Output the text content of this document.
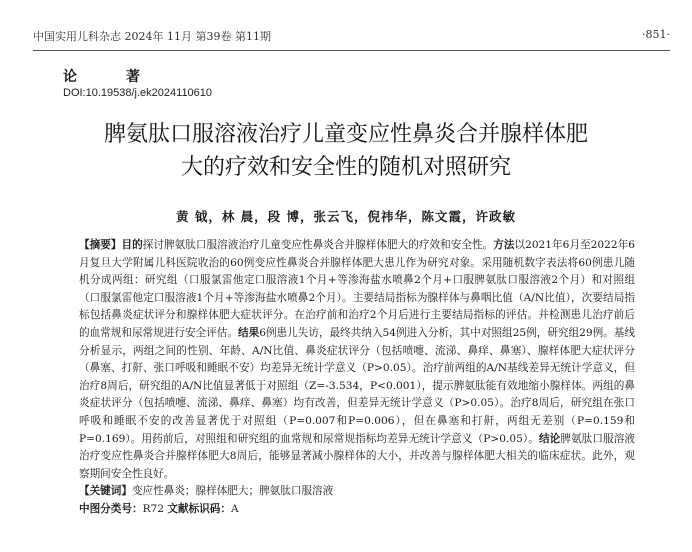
中国实用儿科杂志 2024年 11月 第39卷 第11期	·851·
论 著
DOI:10.19538/j.ek2024110610
脾氨肽口服溶液治疗儿童变应性鼻炎合并腺样体肥
大的疗效和安全性的随机对照研究
黄 钺，林 晨，段 博，张云飞，倪祎华，陈文霞，许政敏
【摘要】目的探讨脾氨肽口服溶液治疗儿童变应性鼻炎合并腺样体肥大的疗效和安全性。方法以2021年6月至2022年6月复旦大学附属儿科医院收治的60例变应性鼻炎合并腺样体肥大患儿作为研究对象。采用随机数字表法将60例患儿随机分成两组：研究组（口服氯雷他定口服溶液1个月+等渗海盐水喷鼻2个月+口服脾氨肽口服溶液2个月）和对照组（口服氯雷他定口服溶液1个月+等渗海盐水喷鼻2个月）。主要结局指标为腺样体与鼻咽比值（A/N比值），次要结局指标包括鼻炎症状评分和腺样体肥大症状评分。在治疗前和治疗2个月后进行主要结局指标的评估。并检测患儿治疗前后的血常规和尿常规进行安全评估。结果6例患儿失访，最终共纳入54例进入分析，其中对照组25例，研究组29例。基线分析显示，两组之间的性别、年龄、A/N比值、鼻炎症状评分（包括喷嚏、流涕、鼻痒、鼻塞）、腺样体肥大症状评分（鼻塞、打鼾、张口呼吸和睡眠不安）均差异无统计学意义（P>0.05）。治疗前两组的A/N基线差异无统计学意义，但治疗8周后，研究组的A/N比值显著低于对照组（Z=-3.534，P<0.001），提示脾氨肽能有效地缩小腺样体。两组的鼻炎症状评分（包括喷嚏、流涕、鼻痒、鼻塞）均有改善，但差异无统计学意义（P>0.05）。治疗8周后，研究组在张口呼吸和睡眠不安的改善显著优于对照组（P=0.007和P=0.006），但在鼻塞和打鼾，两组无差别（P=0.159和P=0.169）。用药前后，对照组和研究组的血常规和尿常规指标均差异无统计学意义（P>0.05）。结论脾氨肽口服溶液治疗变应性鼻炎合并腺样体肥大8周后，能够显著减小腺样体的大小，并改善与腺样体肥大相关的临床症状。此外，观察期间安全性良好。
【关键词】变应性鼻炎；腺样体肥大；脾氨肽口服溶液
中图分类号：R72 文献标识码：A
